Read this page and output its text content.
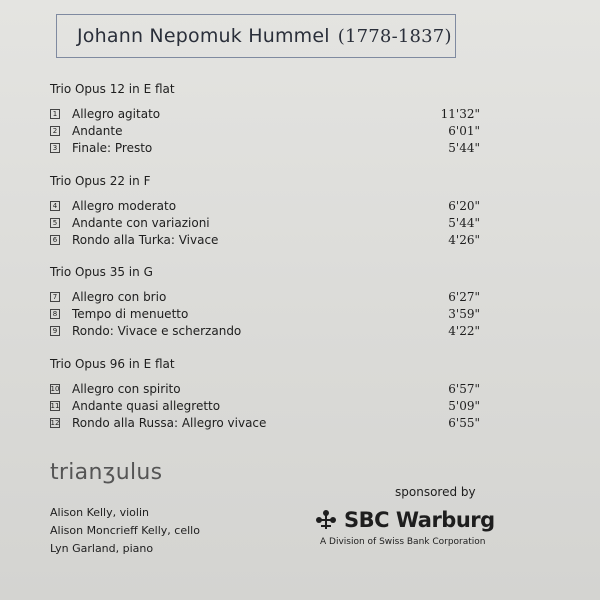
Johann Nepomuk Hummel (1778-1837)
Trio Opus 12 in E flat
1 Allegro agitato	11'32"
2 Andante	6'01"
3 Finale: Presto	5'44"
Trio Opus 22 in F
4 Allegro moderato	6'20"
5 Andante con variazioni	5'44"
6 Rondo alla Turka: Vivace	4'26"
Trio Opus 35 in G
7 Allegro con brio	6'27"
8 Tempo di menuetto	3'59"
9 Rondo: Vivace e scherzando	4'22"
Trio Opus 96 in E flat
10 Allegro con spirito	6'57"
11 Andante quasi allegretto	5'09"
12 Rondo alla Russa: Allegro vivace	6'55"
trianʒulus
Alison Kelly, violin
Alison Moncrieff Kelly, cello
Lyn Garland, piano
sponsored by
SBC Warburg
A Division of Swiss Bank Corporation
